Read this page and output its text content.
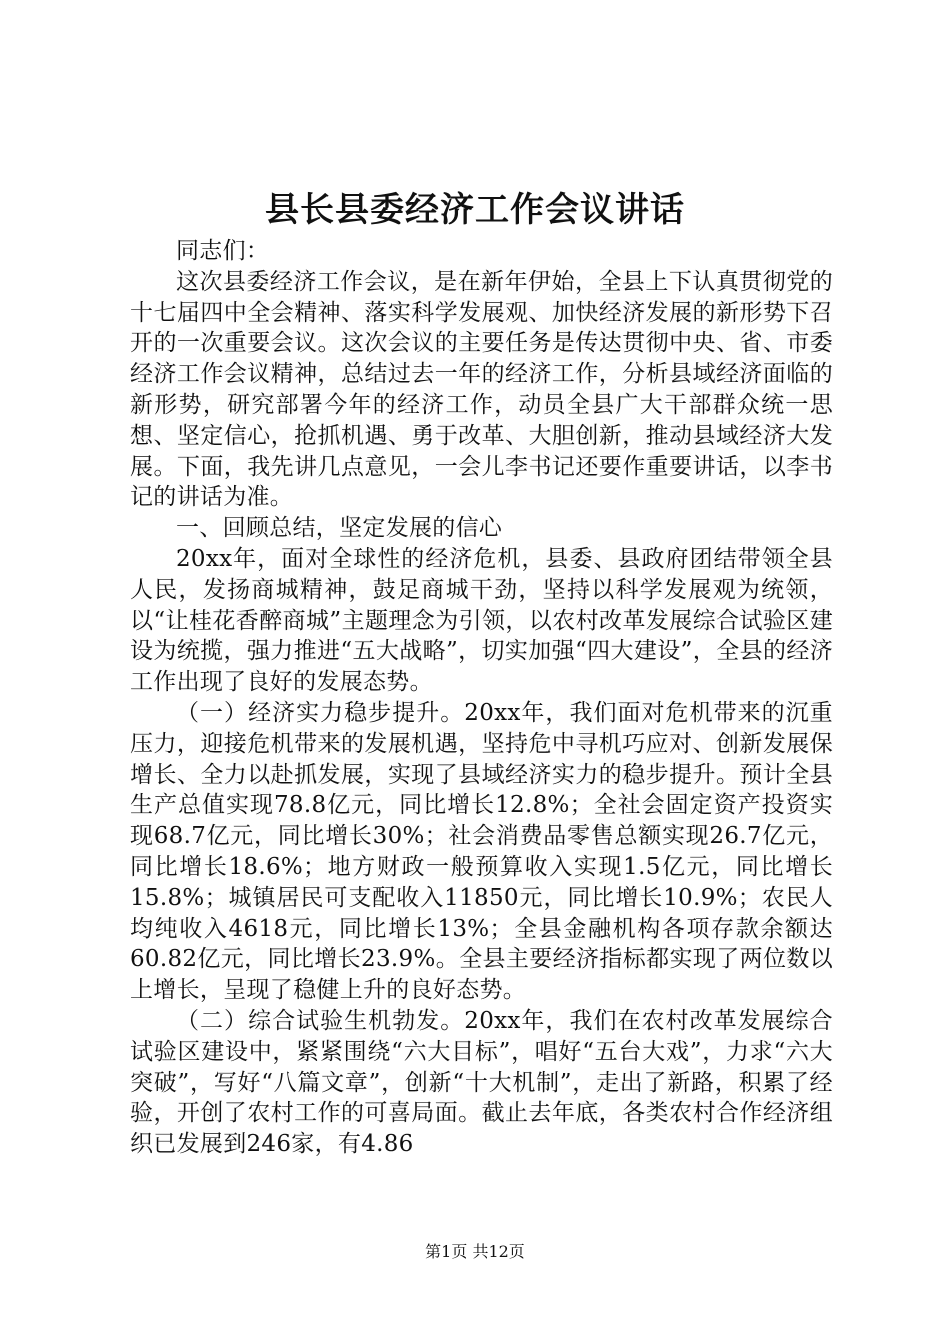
县长县委经济工作会议讲话

同志们：

这次县委经济工作会议，是在新年伊始，全县上下认真贯彻党的十七届四中全会精神、落实科学发展观、加快经济发展的新形势下召开的一次重要会议。这次会议的主要任务是传达贯彻中央、省、市委经济工作会议精神，总结过去一年的经济工作，分析县域经济面临的新形势，研究部署今年的经济工作，动员全县广大干部群众统一思想、坚定信心，抢抓机遇、勇于改革、大胆创新，推动县域经济大发展。下面，我先讲几点意见，一会儿李书记还要作重要讲话，以李书记的讲话为准。

一、回顾总结，坚定发展的信心

20xx年，面对全球性的经济危机，县委、县政府团结带领全县人民，发扬商城精神，鼓足商城干劲，坚持以科学发展观为统领，以“让桂花香醉商城”主题理念为引领，以农村改革发展综合试验区建设为统揽，强力推进“五大战略”，切实加强“四大建设”，全县的经济工作出现了良好的发展态势。

（一）经济实力稳步提升。20xx年，我们面对危机带来的沉重压力，迎接危机带来的发展机遇，坚持危中寻机巧应对、创新发展保增长、全力以赴抓发展，实现了县域经济实力的稳步提升。预计全县生产总值实现78.8亿元，同比增长12.8%；全社会固定资产投资实现68.7亿元，同比增长30%；社会消费品零售总额实现26.7亿元，同比增长18.6%；地方财政一般预算收入实现1.5亿元，同比增长15.8%；城镇居民可支配收入11850元，同比增长10.9%；农民人均纯收入4618元，同比增长13%；全县金融机构各项存款余额达60.82亿元，同比增长23.9%。全县主要经济指标都实现了两位数以上增长，呈现了稳健上升的良好态势。

（二）综合试验生机勃发。20xx年，我们在农村改革发展综合试验区建设中，紧紧围绕“六大目标”，唱好“五台大戏”，力求“六大突破”，写好“八篇文章”，创新“十大机制”，走出了新路，积累了经验，开创了农村工作的可喜局面。截止去年底，各类农村合作经济组织已发展到246家，有4.86

第1页 共12页
